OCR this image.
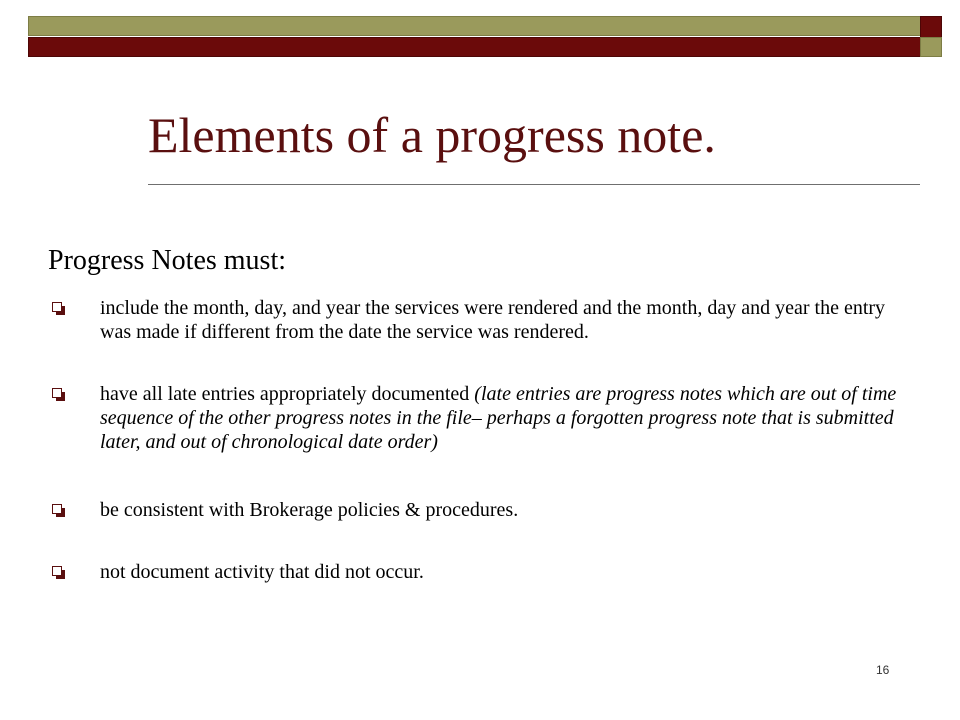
Elements of a progress note.
Progress Notes must:
include the month, day, and year the services were rendered and the month, day and year the entry was made if different from the date the service was rendered.
have all late entries appropriately documented (late entries are progress notes which are out of time sequence of the other progress notes in the file– perhaps a forgotten progress note that is submitted later, and out of chronological date order)
be consistent with Brokerage policies & procedures.
not document activity that did not occur.
16
